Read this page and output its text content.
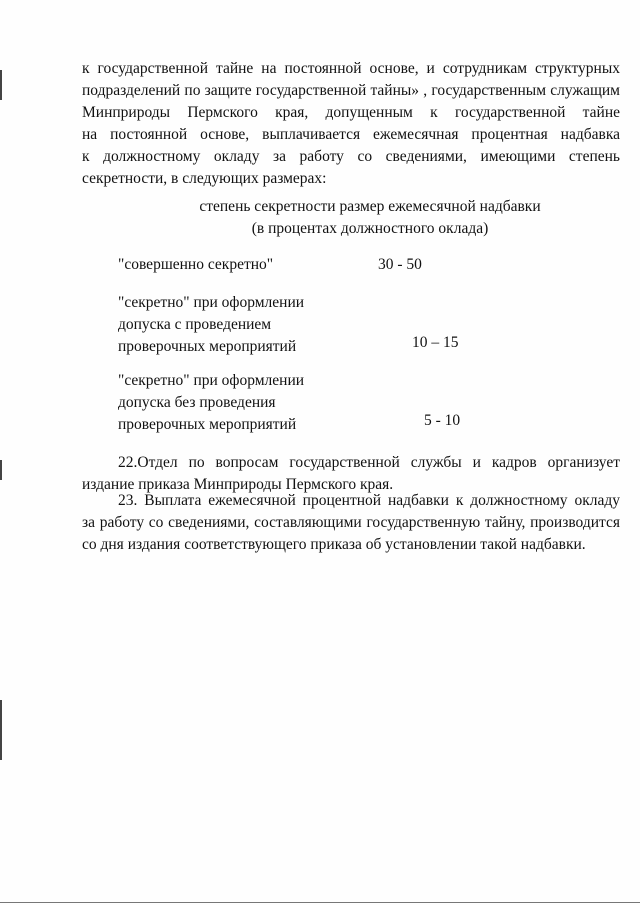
к государственной тайне на постоянной основе, и сотрудникам структурных
подразделений по защите государственной тайны» , государственным служащим
Минприроды Пермского края, допущенным к государственной тайне
на постоянной основе, выплачивается ежемесячная процентная надбавка
к должностному окладу за работу со сведениями, имеющими степень
секретности, в следующих размерах:
степень секретности размер ежемесячной надбавки
(в процентах должностного оклада)
"совершенно секретно"	30 - 50
"секретно" при оформлении
допуска с проведением
проверочных мероприятий	10 – 15
"секретно" при оформлении
допуска без проведения
проверочных мероприятий	5 - 10
22.Отдел по вопросам государственной службы и кадров организует
издание приказа Минприроды Пермского края.
23. Выплата ежемесячной процентной надбавки к должностному окладу
за работу со сведениями, составляющими государственную тайну, производится
со дня издания соответствующего приказа об установлении такой надбавки.
